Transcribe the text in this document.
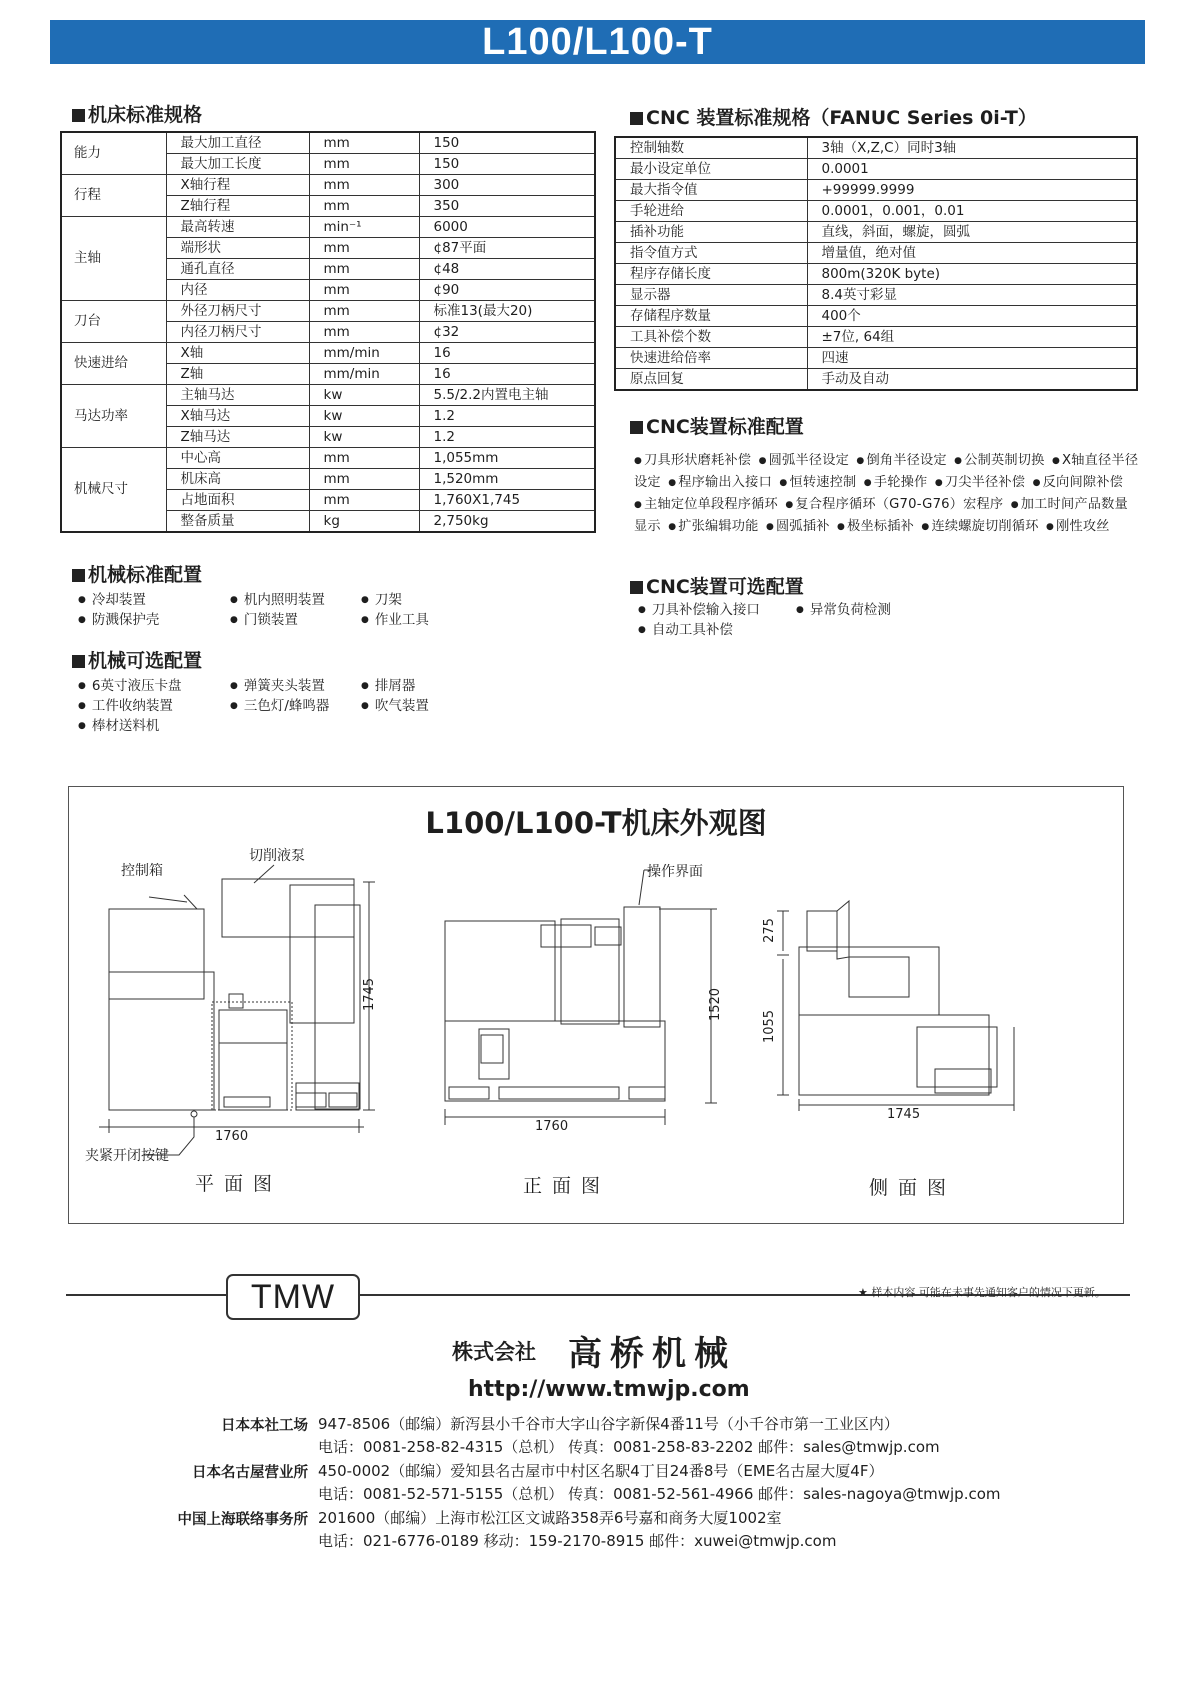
L100/L100-T
机床标准规格
能力	最大加工直径	mm	150
	最大加工长度	mm	150
行程	X轴行程	mm	300
	Z轴行程	mm	350
主轴	最高转速	min⁻¹	6000
	端形状	mm	¢87平面
	通孔直径	mm	¢48
	内径	mm	¢90
刀台	外径刀柄尺寸	mm	标准13(最大20)
	内径刀柄尺寸	mm	¢32
快速进给	X轴	mm/min	16
	Z轴	mm/min	16
马达功率	主轴马达	kw	5.5/2.2内置电主轴
	X轴马达	kw	1.2
	Z轴马达	kw	1.2
机械尺寸	中心高	mm	1,055mm
	机床高	mm	1,520mm
	占地面积	mm	1,760X1,745
	整备质量	kg	2,750kg
机械标准配置
● 冷却装置	● 机内照明装置	● 刀架
● 防溅保护壳	● 门锁装置	● 作业工具
机械可选配置
● 6英寸液压卡盘	● 弹簧夹头装置	● 排屑器
● 工件收纳装置	● 三色灯/蜂鸣器	● 吹气装置
● 棒材送料机
CNC 装置标准规格（FANUC Series 0i-T）
控制轴数	3轴（X,Z,C）同时3轴
最小设定单位	0.0001
最大指令值	+99999.9999
手轮进给	0.0001，0.001，0.01
插补功能	直线，斜面，螺旋，圆弧
指令值方式	增量值，绝对值
程序存储长度	800m(320K byte)
显示器	8.4英寸彩显
存储程序数量	400个
工具补偿个数	±7位, 64组
快速进给倍率	四速
原点回复	手动及自动
CNC装置标准配置
● 刀具形状磨耗补偿 ● 圆弧半径设定 ● 倒角半径设定 ● 公制英制切换 ● X轴直径半径设定 ● 程序输出入接口 ● 恒转速控制 ● 手轮操作 ● 刀尖半径补偿 ● 反向间隙补偿 ● 主轴定位单段程序循环 ● 复合程序循环（G70-G76）宏程序 ● 加工时间产品数量显示 ● 扩张编辑功能 ● 圆弧插补 ● 极坐标插补 ● 连续螺旋切削循环 ● 刚性攻丝
CNC装置可选配置
● 刀具补偿输入接口	● 异常负荷检测
● 自动工具补偿
L100/L100-T机床外观图
控制箱
切削液泵
夹紧开闭按键
1760
1745
平面图
操作界面
1760
1520
正面图
1745
275
1055
侧面图
TMW	★ 样本内容 可能在未事先通知客户的情况下更新。
株式会社 高桥机械
http://www.tmwjp.com
日本本社工场 947-8506（邮编）新泻县小千谷市大字山谷字新保4番11号（小千谷市第一工业区内）
电话：0081-258-82-4315（总机） 传真：0081-258-83-2202 邮件：sales@tmwjp.com
日本名古屋营业所 450-0002（邮编）爱知县名古屋市中村区名駅4丁目24番8号（EME名古屋大厦4F）
电话：0081-52-571-5155（总机） 传真：0081-52-561-4966 邮件：sales-nagoya@tmwjp.com
中国上海联络事务所 201600（邮编）上海市松江区文诚路358弄6号嘉和商务大厦1002室
电话：021-6776-0189 移动：159-2170-8915 邮件：xuwei@tmwjp.com
